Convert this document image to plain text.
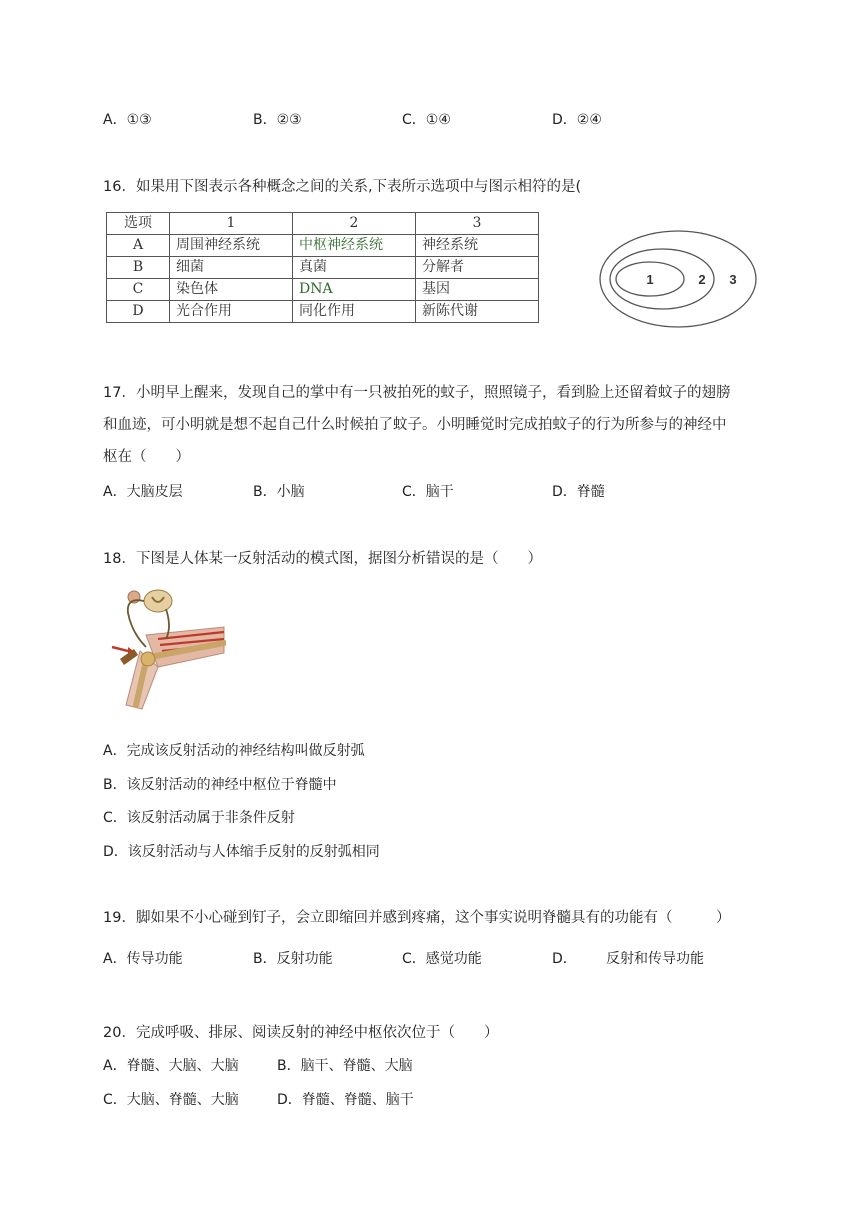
A．①③	B．②③	C．①④	D．②④
16．如果用下图表示各种概念之间的关系,下表所示选项中与图示相符的是(
选项	1	2	3
A	周围神经系统	中枢神经系统	神经系统
B	细菌	真菌	分解者
C	染色体	DNA	基因
D	光合作用	同化作用	新陈代谢
1	2 3
17．小明早上醒来，发现自己的掌中有一只被拍死的蚊子，照照镜子，看到脸上还留着蚊子的翅膀
和血迹，可小明就是想不起自己什么时候拍了蚊子。小明睡觉时完成拍蚊子的行为所参与的神经中
枢在（　　）
A．大脑皮层	B．小脑	C．脑干	D．脊髓
18．下图是人体某一反射活动的模式图，据图分析错误的是（　　）
A．完成该反射活动的神经结构叫做反射弧
B．该反射活动的神经中枢位于脊髓中
C．该反射活动属于非条件反射
D．该反射活动与人体缩手反射的反射弧相同
19．脚如果不小心碰到钉子，会立即缩回并感到疼痛，这个事实说明脊髓具有的功能有（　　　）
A．传导功能	B．反射功能	C．感觉功能	D． 反射和传导功能
20．完成呼吸、排尿、阅读反射的神经中枢依次位于（　　）
A．脊髓、大脑、大脑	B．脑干、脊髓、大脑
C．大脑、脊髓、大脑	D．脊髓、脊髓、脑干
